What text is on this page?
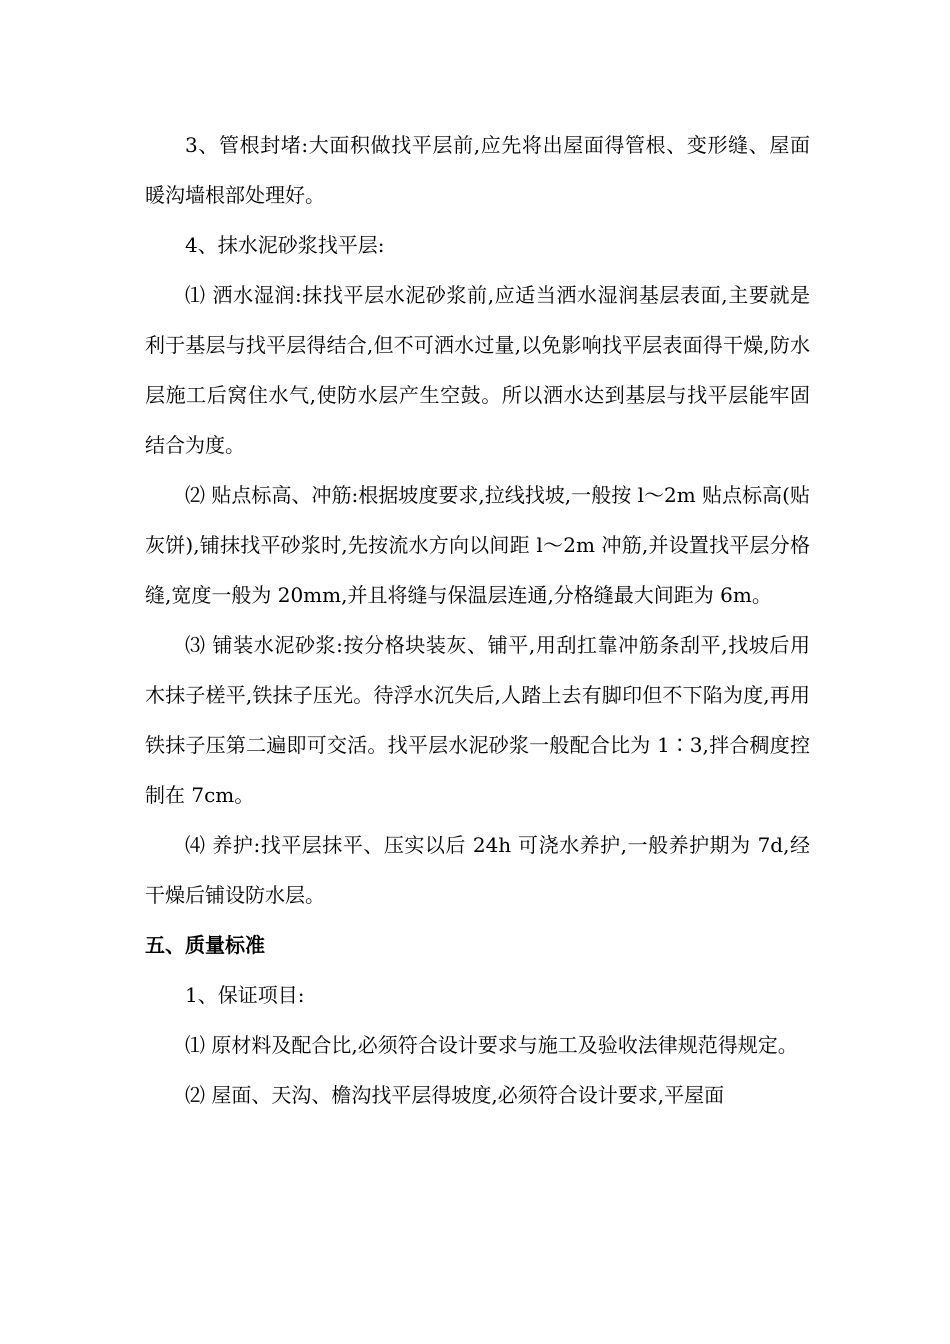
3、管根封堵:大面积做找平层前,应先将出屋面得管根、变形缝、屋面暖沟墙根部处理好。

4、抹水泥砂浆找平层:

⑴ 洒水湿润:抹找平层水泥砂浆前,应适当洒水湿润基层表面,主要就是利于基层与找平层得结合,但不可洒水过量,以免影响找平层表面得干燥,防水层施工后窝住水气,使防水层产生空鼓。所以洒水达到基层与找平层能牢固结合为度。

⑵ 贴点标高、冲筋:根据坡度要求,拉线找坡,一般按 l～2m 贴点标高(贴灰饼),铺抹找平砂浆时,先按流水方向以间距 l～2m 冲筋,并设置找平层分格缝,宽度一般为 20mm,并且将缝与保温层连通,分格缝最大间距为 6m。

⑶ 铺装水泥砂浆:按分格块装灰、铺平,用刮扛靠冲筋条刮平,找坡后用木抹子槎平,铁抹子压光。待浮水沉失后,人踏上去有脚印但不下陷为度,再用铁抹子压第二遍即可交活。找平层水泥砂浆一般配合比为 1∶3,拌合稠度控制在 7cm。

⑷ 养护:找平层抹平、压实以后 24h 可浇水养护,一般养护期为 7d,经干燥后铺设防水层。

五、质量标准

1、保证项目:

⑴ 原材料及配合比,必须符合设计要求与施工及验收法律规范得规定。

⑵ 屋面、天沟、檐沟找平层得坡度,必须符合设计要求,平屋面
